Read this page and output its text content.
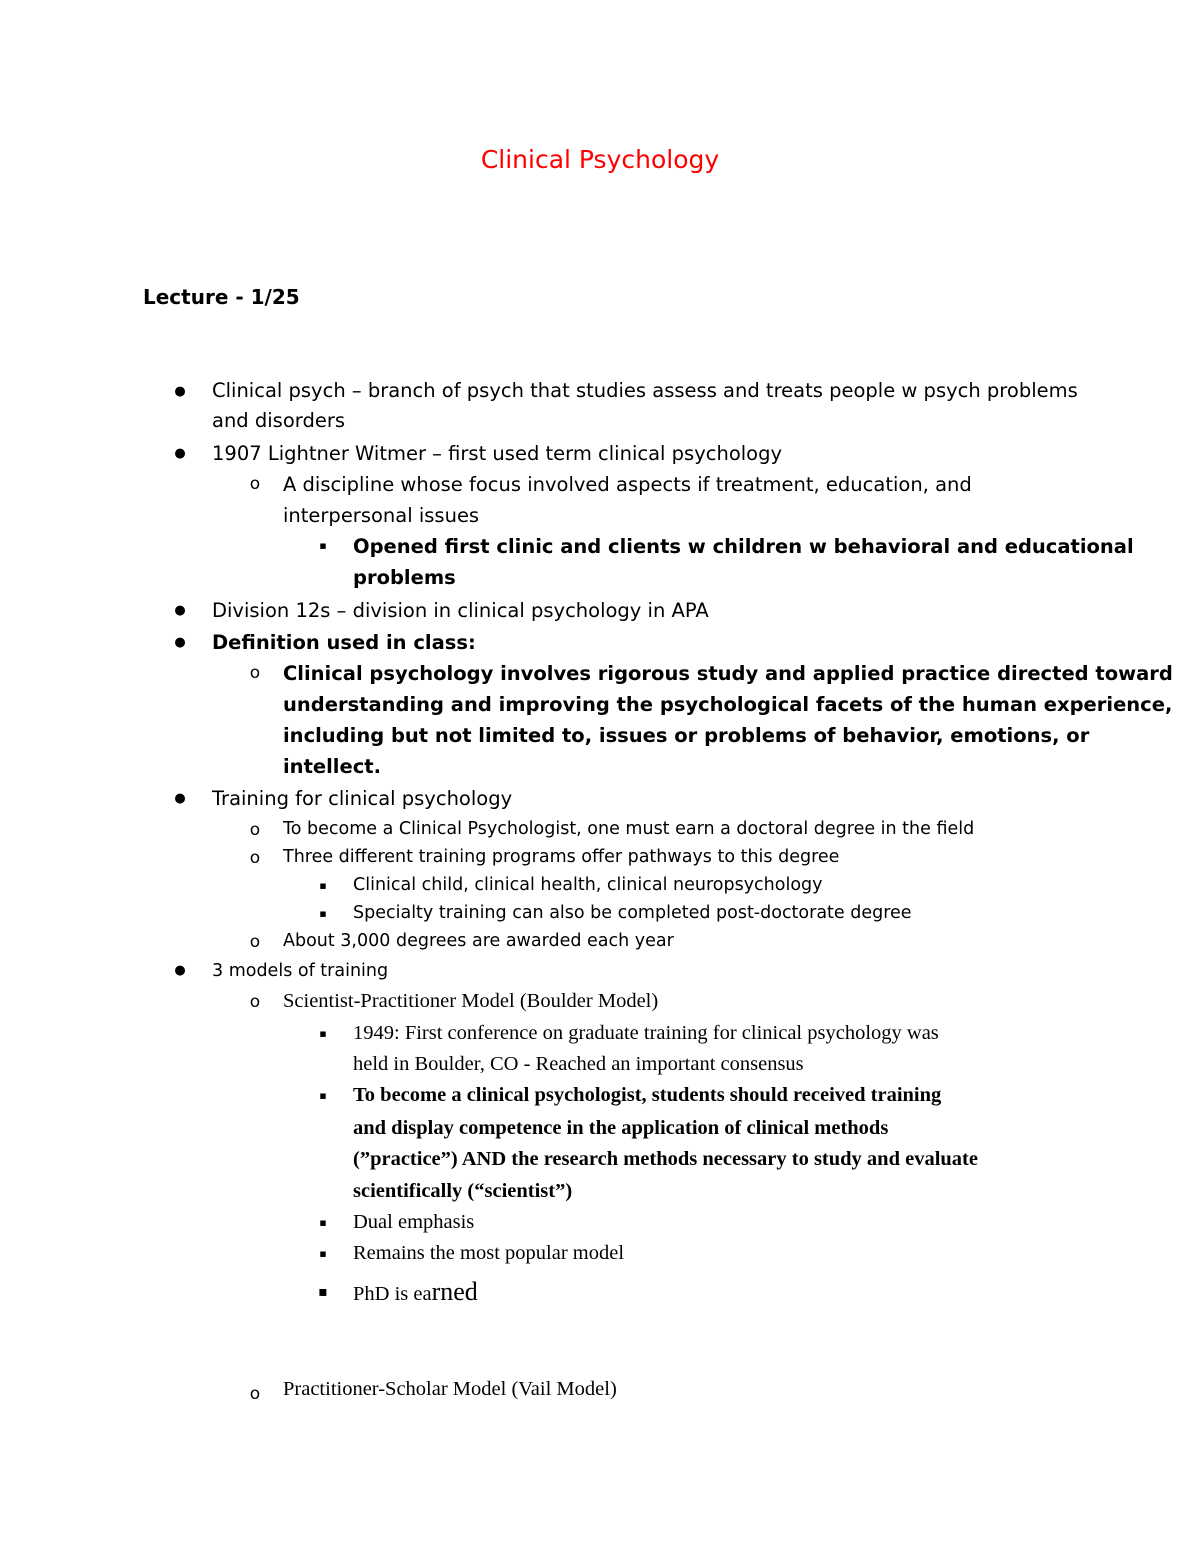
Clinical Psychology
Lecture - 1/25
● Clinical psych – branch of psych that studies assess and treats people w psych problems

and disorders

● 1907 Lightner Witmer – first used term clinical psychology

o A discipline whose focus involved aspects if treatment, education, and

interpersonal issues

▪ Opened first clinic and clients w children w behavioral and educational

problems

● Division 12s – division in clinical psychology in APA

● Definition used in class:

o Clinical psychology involves rigorous study and applied practice directed toward

understanding and improving the psychological facets of the human experience,

including but not limited to, issues or problems of behavior, emotions, or

intellect.

● Training for clinical psychology

o To become a Clinical Psychologist, one must earn a doctoral degree in the field

o Three different training programs offer pathways to this degree

▪ Clinical child, clinical health, clinical neuropsychology

▪ Specialty training can also be completed post-doctorate degree

o About 3,000 degrees are awarded each year

● 3 models of training

o Scientist-Practitioner Model (Boulder Model)

▪ 1949: First conference on graduate training for clinical psychology was

held in Boulder, CO - Reached an important consensus

▪ To become a clinical psychologist, students should received training

and display competence in the application of clinical methods

(”practice”) AND the research methods necessary to study and evaluate

scientifically (“scientist”)

▪ Dual emphasis

▪ Remains the most popular model

▪ PhD is earned

o Practitioner-Scholar Model (Vail Model)
